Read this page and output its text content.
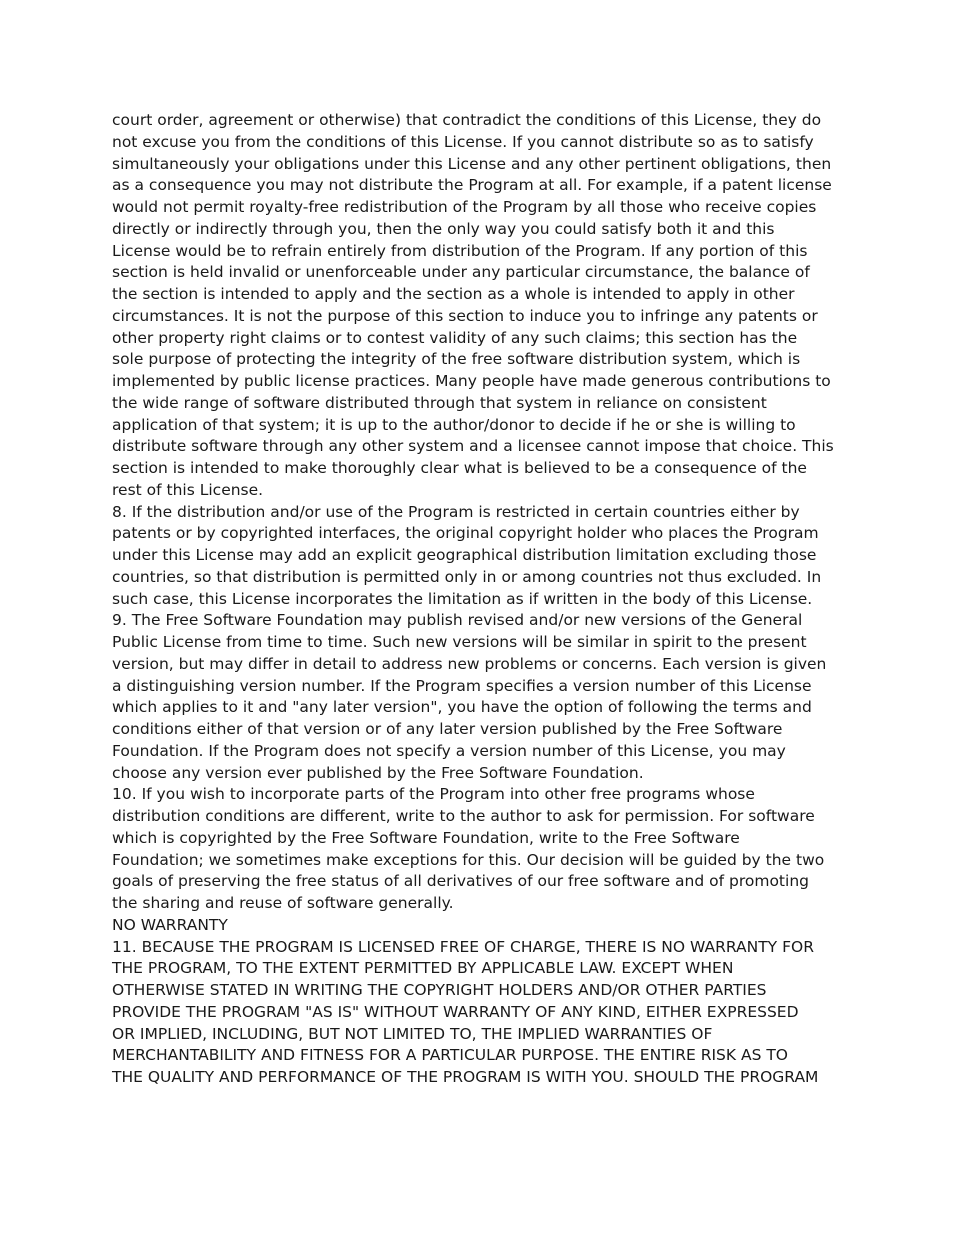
court order, agreement or otherwise) that contradict the conditions of this License, they do
not excuse you from the conditions of this License. If you cannot distribute so as to satisfy
simultaneously your obligations under this License and any other pertinent obligations, then
as a consequence you may not distribute the Program at all. For example, if a patent license
would not permit royalty-free redistribution of the Program by all those who receive copies
directly or indirectly through you, then the only way you could satisfy both it and this
License would be to refrain entirely from distribution of the Program. If any portion of this
section is held invalid or unenforceable under any particular circumstance, the balance of
the section is intended to apply and the section as a whole is intended to apply in other
circumstances. It is not the purpose of this section to induce you to infringe any patents or
other property right claims or to contest validity of any such claims; this section has the
sole purpose of protecting the integrity of the free software distribution system, which is
implemented by public license practices. Many people have made generous contributions to
the wide range of software distributed through that system in reliance on consistent
application of that system; it is up to the author/donor to decide if he or she is willing to
distribute software through any other system and a licensee cannot impose that choice. This
section is intended to make thoroughly clear what is believed to be a consequence of the
rest of this License.
8. If the distribution and/or use of the Program is restricted in certain countries either by
patents or by copyrighted interfaces, the original copyright holder who places the Program
under this License may add an explicit geographical distribution limitation excluding those
countries, so that distribution is permitted only in or among countries not thus excluded. In
such case, this License incorporates the limitation as if written in the body of this License.
9. The Free Software Foundation may publish revised and/or new versions of the General
Public License from time to time. Such new versions will be similar in spirit to the present
version, but may differ in detail to address new problems or concerns. Each version is given
a distinguishing version number. If the Program specifies a version number of this License
which applies to it and "any later version", you have the option of following the terms and
conditions either of that version or of any later version published by the Free Software
Foundation. If the Program does not specify a version number of this License, you may
choose any version ever published by the Free Software Foundation.
10. If you wish to incorporate parts of the Program into other free programs whose
distribution conditions are different, write to the author to ask for permission. For software
which is copyrighted by the Free Software Foundation, write to the Free Software
Foundation; we sometimes make exceptions for this. Our decision will be guided by the two
goals of preserving the free status of all derivatives of our free software and of promoting
the sharing and reuse of software generally.
NO WARRANTY
11. BECAUSE THE PROGRAM IS LICENSED FREE OF CHARGE, THERE IS NO WARRANTY FOR
THE PROGRAM, TO THE EXTENT PERMITTED BY APPLICABLE LAW. EXCEPT WHEN
OTHERWISE STATED IN WRITING THE COPYRIGHT HOLDERS AND/OR OTHER PARTIES
PROVIDE THE PROGRAM "AS IS" WITHOUT WARRANTY OF ANY KIND, EITHER EXPRESSED
OR IMPLIED, INCLUDING, BUT NOT LIMITED TO, THE IMPLIED WARRANTIES OF
MERCHANTABILITY AND FITNESS FOR A PARTICULAR PURPOSE. THE ENTIRE RISK AS TO
THE QUALITY AND PERFORMANCE OF THE PROGRAM IS WITH YOU. SHOULD THE PROGRAM
